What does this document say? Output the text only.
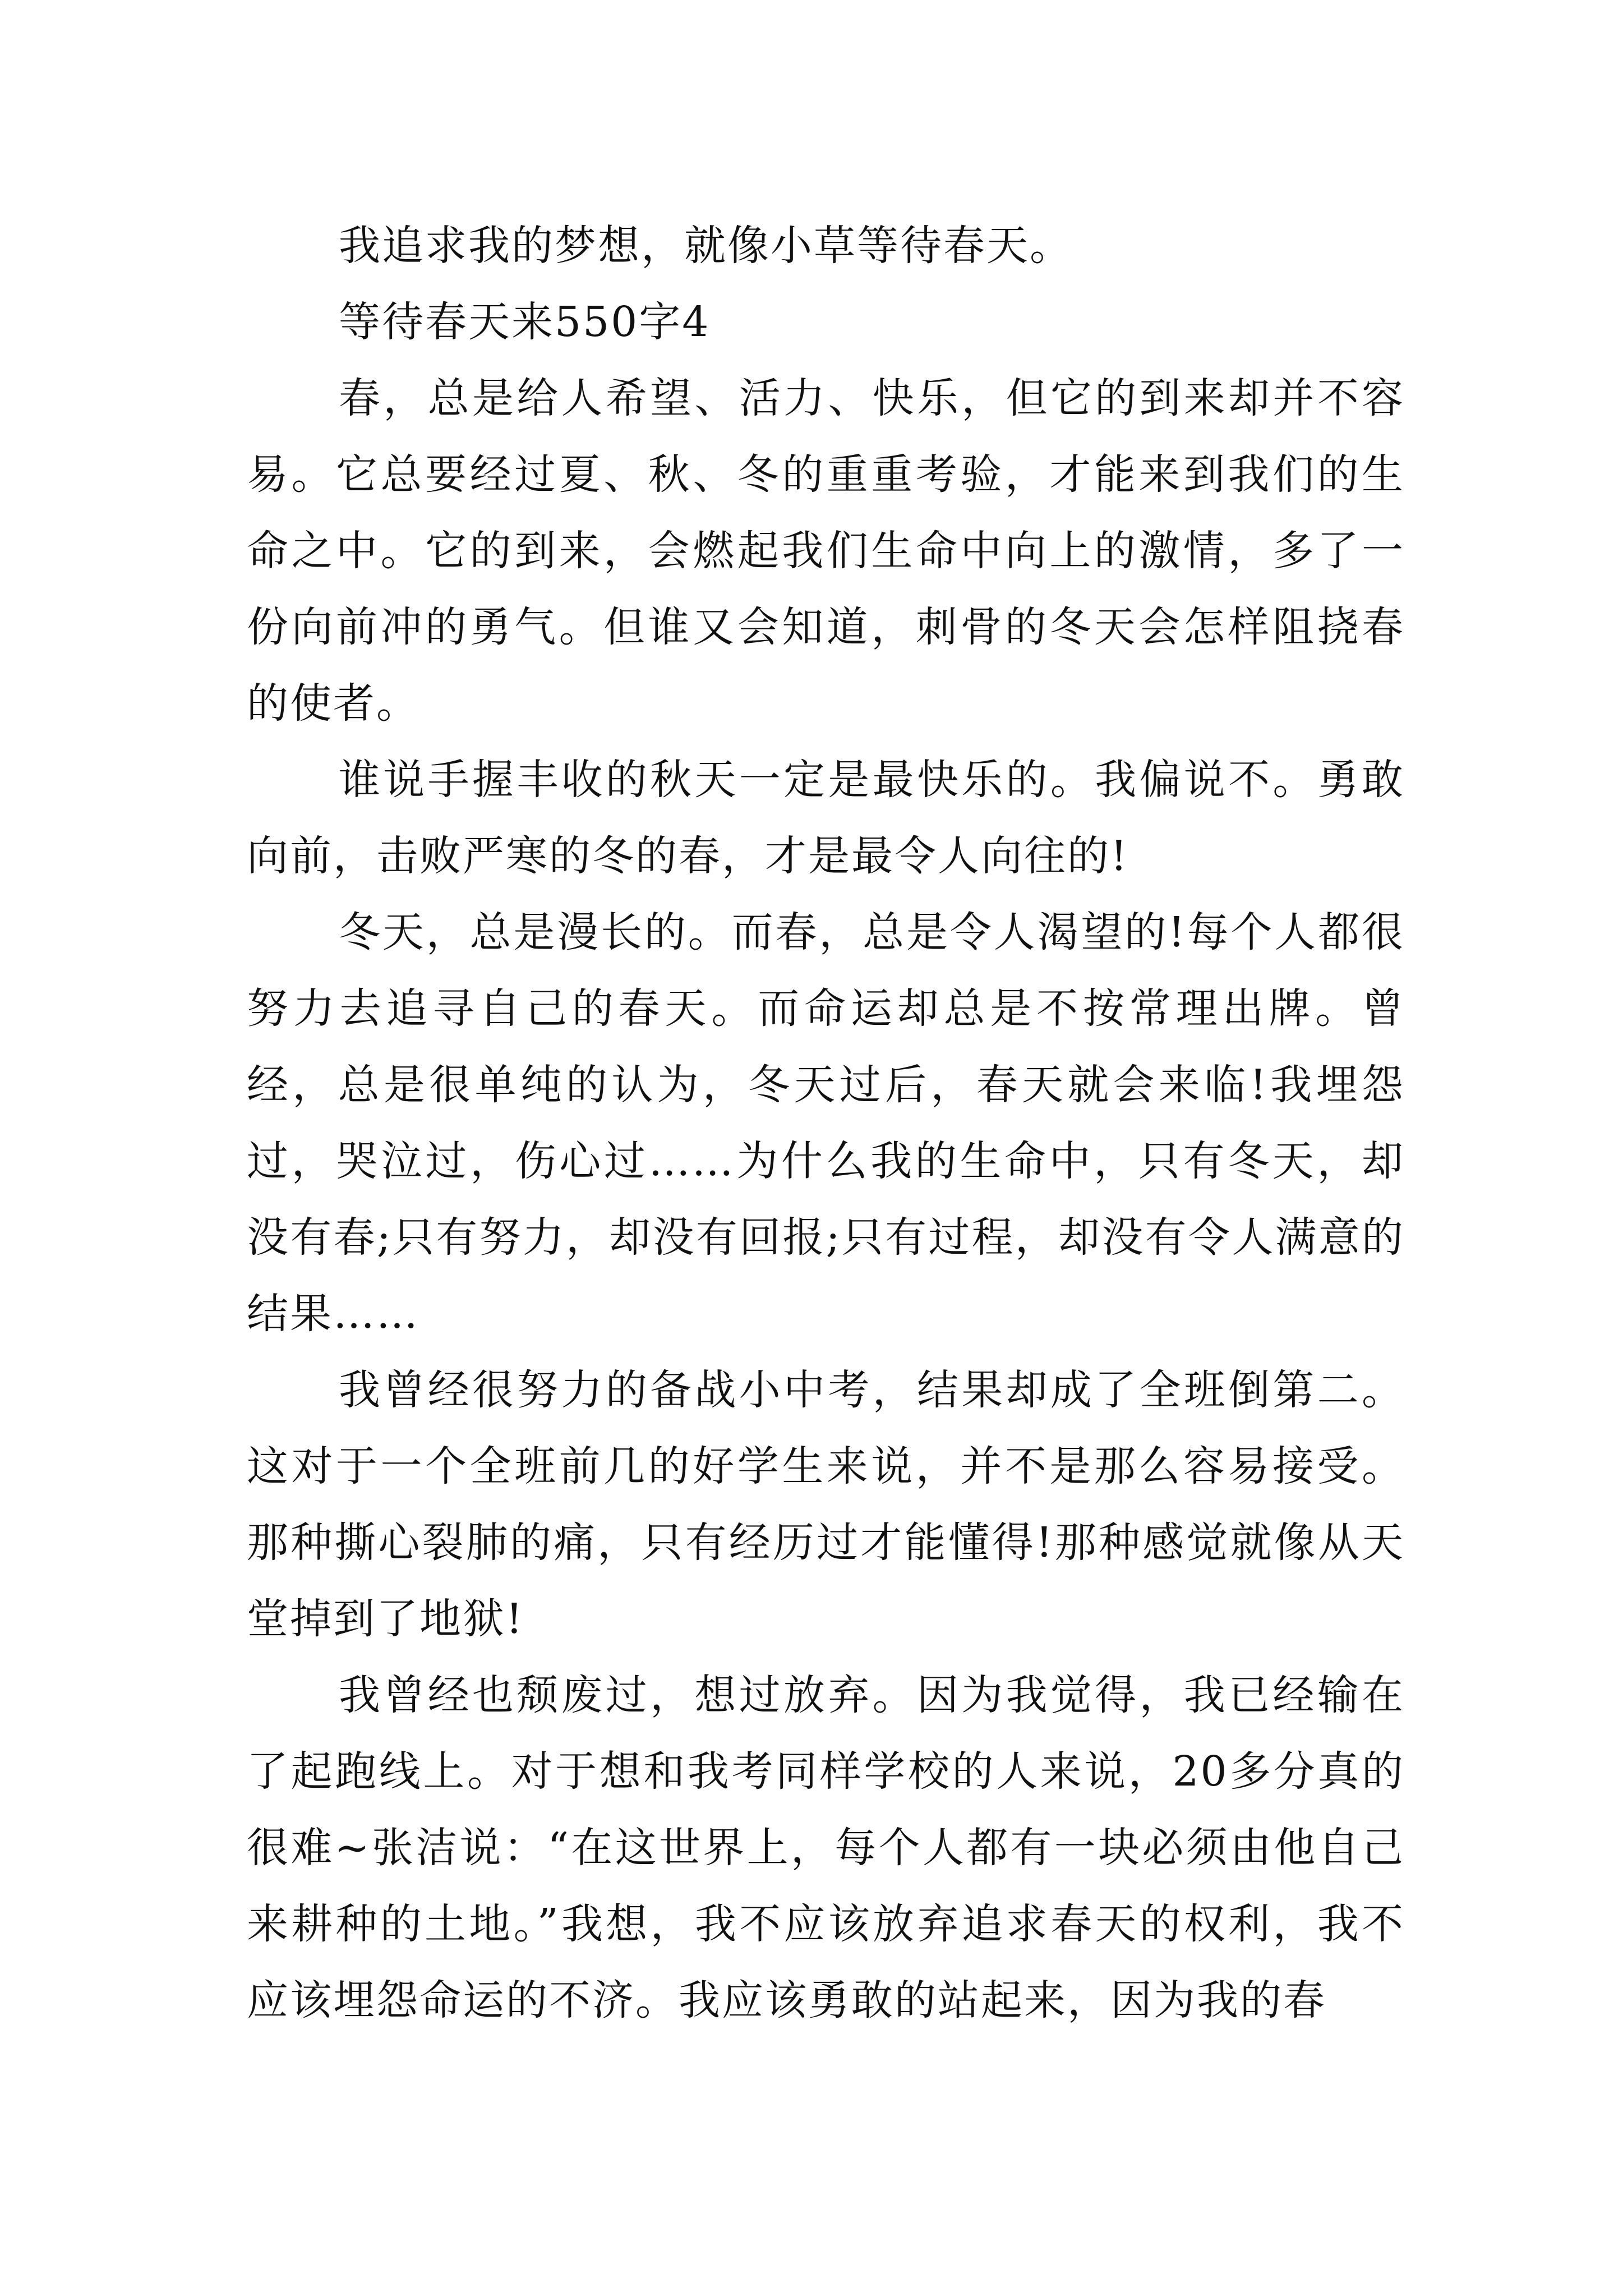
我追求我的梦想，就像小草等待春天。

等待春天来550字4

春，总是给人希望、活力、快乐，但它的到来却并不容易。它总要经过夏、秋、冬的重重考验，才能来到我们的生命之中。它的到来，会燃起我们生命中向上的激情，多了一份向前冲的勇气。但谁又会知道，刺骨的冬天会怎样阻挠春的使者。

谁说手握丰收的秋天一定是最快乐的。我偏说不。勇敢向前，击败严寒的冬的春，才是最令人向往的!

冬天，总是漫长的。而春，总是令人渴望的!每个人都很努力去追寻自己的春天。而命运却总是不按常理出牌。曾经，总是很单纯的认为，冬天过后，春天就会来临!我埋怨过，哭泣过，伤心过……为什么我的生命中，只有冬天，却没有春;只有努力，却没有回报;只有过程，却没有令人满意的结果……

我曾经很努力的备战小中考，结果却成了全班倒第二。这对于一个全班前几的好学生来说，并不是那么容易接受。那种撕心裂肺的痛，只有经历过才能懂得!那种感觉就像从天堂掉到了地狱!

我曾经也颓废过，想过放弃。因为我觉得，我已经输在了起跑线上。对于想和我考同样学校的人来说，20多分真的很难~张洁说：“在这世界上，每个人都有一块必须由他自己来耕种的土地。”我想，我不应该放弃追求春天的权利，我不应该埋怨命运的不济。我应该勇敢的站起来，因为我的春
